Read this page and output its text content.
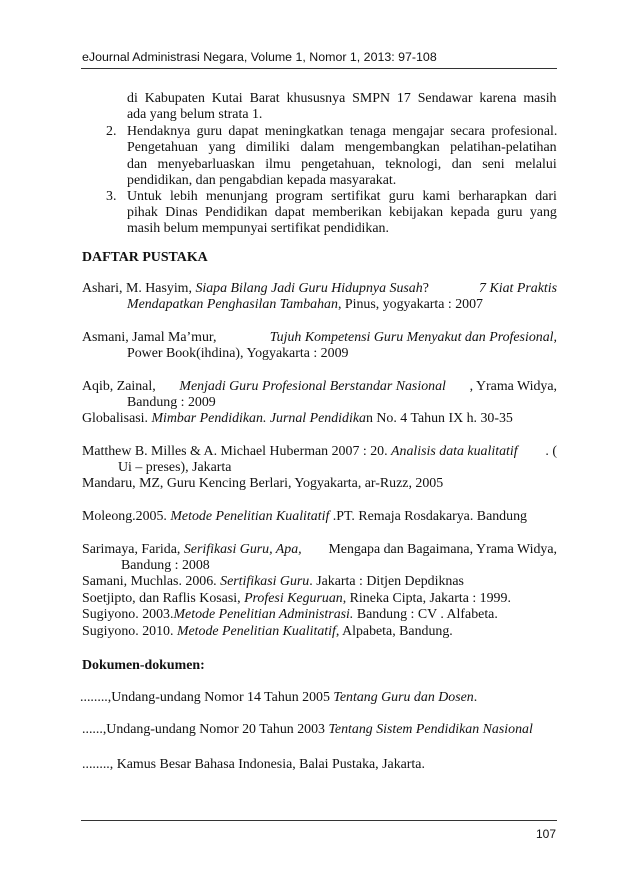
eJournal Administrasi Negara, Volume 1, Nomor 1, 2013: 97-108
di Kabupaten Kutai Barat khususnya SMPN 17 Sendawar karena masih
ada yang belum strata 1.
2. Hendaknya guru dapat meningkatkan tenaga mengajar secara profesional.
Pengetahuan yang dimiliki dalam mengembangkan pelatihan-pelatihan
dan menyebarluaskan ilmu pengetahuan, teknologi, dan seni melalui
pendidikan, dan pengabdian kepada masyarakat.
3. Untuk lebih menunjang program sertifikat guru kami berharapkan dari
pihak Dinas Pendidikan dapat memberikan kebijakan kepada guru yang
masih belum mempunyai sertifikat pendidikan.
DAFTAR PUSTAKA
Ashari, M. Hasyim, Siapa Bilang Jadi Guru Hidupnya Susah?	7 Kiat Praktis
Mendapatkan Penghasilan Tambahan, Pinus, yogyakarta : 2007
Asmani, Jamal Ma’mur,	Tujuh Kompetensi Guru Menyakut dan Profesional,
Power Book(ihdina), Yogyakarta : 2009
Aqib, Zainal, Menjadi Guru Profesional Berstandar Nasional , Yrama Widya,
Bandung : 2009
Globalisasi. Mimbar Pendidikan. Jurnal Pendidikan No. 4 Tahun IX h. 30-35
Matthew B. Milles & A. Michael Huberman 2007 : 20. Analisis data kualitatif . (
Ui – preses), Jakarta
Mandaru, MZ, Guru Kencing Berlari, Yogyakarta, ar-Ruzz, 2005
Moleong.2005. Metode Penelitian Kualitatif .PT. Remaja Rosdakarya. Bandung
Sarimaya, Farida, Serifikasi Guru, Apa, Mengapa dan Bagaimana, Yrama Widya,
Bandung : 2008
Samani, Muchlas. 2006. Sertifikasi Guru. Jakarta : Ditjen Depdiknas
Soetjipto, dan Raflis Kosasi, Profesi Keguruan, Rineka Cipta, Jakarta : 1999.
Sugiyono. 2003.Metode Penelitian Administrasi. Bandung : CV . Alfabeta.
Sugiyono. 2010. Metode Penelitian Kualitatif, Alpabeta, Bandung.
Dokumen-dokumen:
........,Undang-undang Nomor 14 Tahun 2005 Tentang Guru dan Dosen.
......,Undang-undang Nomor 20 Tahun 2003 Tentang Sistem Pendidikan Nasional
........, Kamus Besar Bahasa Indonesia, Balai Pustaka, Jakarta.
107
